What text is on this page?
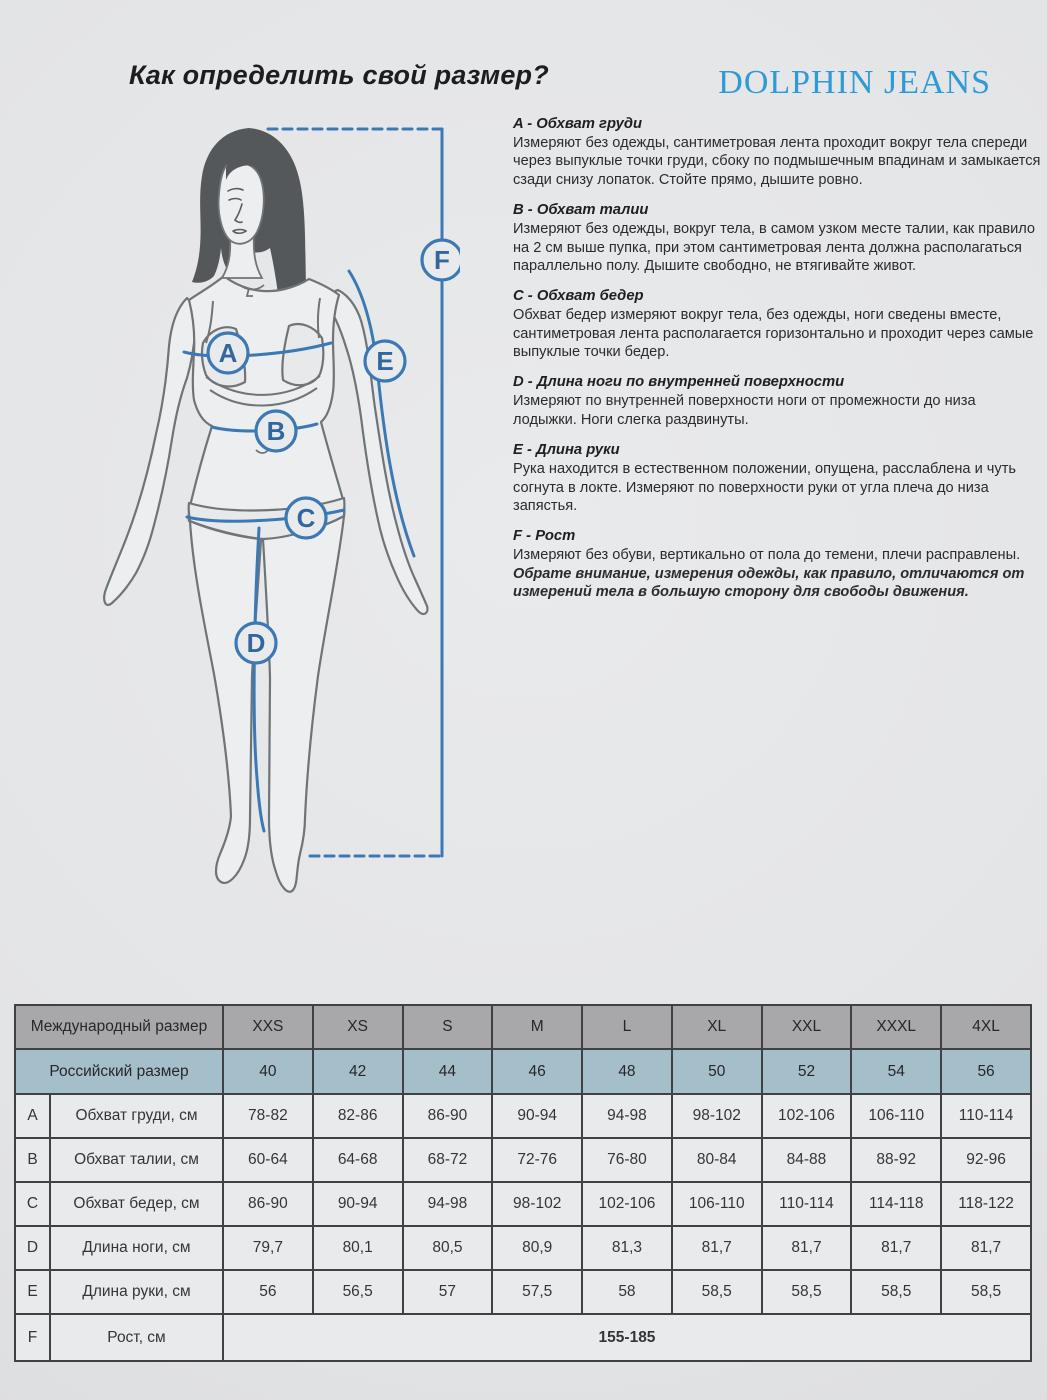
Как определить свой размер?	DOLPHIN JEANS
A
B
C
D
E
F
A - Обхват груди

Измеряют без одежды, сантиметровая лента проходит вокруг тела спереди через выпуклые точки груди, сбоку по подмышечным впадинам и замыкается сзади снизу лопаток. Стойте прямо, дышите ровно.

B - Обхват талии

Измеряют без одежды, вокруг тела, в самом узком месте талии, как правило на 2 см выше пупка, при этом сантиметровая лента должна располагаться параллельно полу. Дышите свободно, не втягивайте живот.

C - Обхват бедер

Обхват бедер измеряют вокруг тела, без одежды, ноги сведены вместе, сантиметровая лента располагается горизонтально и проходит через самые выпуклые точки бедер.

D - Длина ноги по внутренней поверхности

Измеряют по внутренней поверхности ноги от промежности до низа лодыжки. Ноги слегка раздвинуты.

E - Длина руки

Рука находится в естественном положении, опущена, расслаблена и чуть согнута в локте. Измеряют по поверхности руки от угла плеча до низа запястья.

F - Рост

Измеряют без обуви, вертикально от пола до темени, плечи расправлены.

Обрате внимание, измерения одежды, как правило, отличаются от измерений тела в большую сторону для свободы движения.

Международный размер		XXS	XS	S	M	L	XL	XXL	XXXL	4XL
Российский размер		40	42	44	46	48	50	52	54	56
A	Обхват груди, см	78-82	82-86	86-90	90-94	94-98	98-102	102-106	106-110	110-114
B	Обхват талии, см	60-64	64-68	68-72	72-76	76-80	80-84	84-88	88-92	92-96
C	Обхват бедер, см	86-90	90-94	94-98	98-102	102-106	106-110	110-114	114-118	118-122
D	Длина ноги, см	79,7	80,1	80,5	80,9	81,3	81,7	81,7	81,7	81,7
E	Длина руки, см	56	56,5	57	57,5	58	58,5	58,5	58,5	58,5
F	Рост, см	155-185								
